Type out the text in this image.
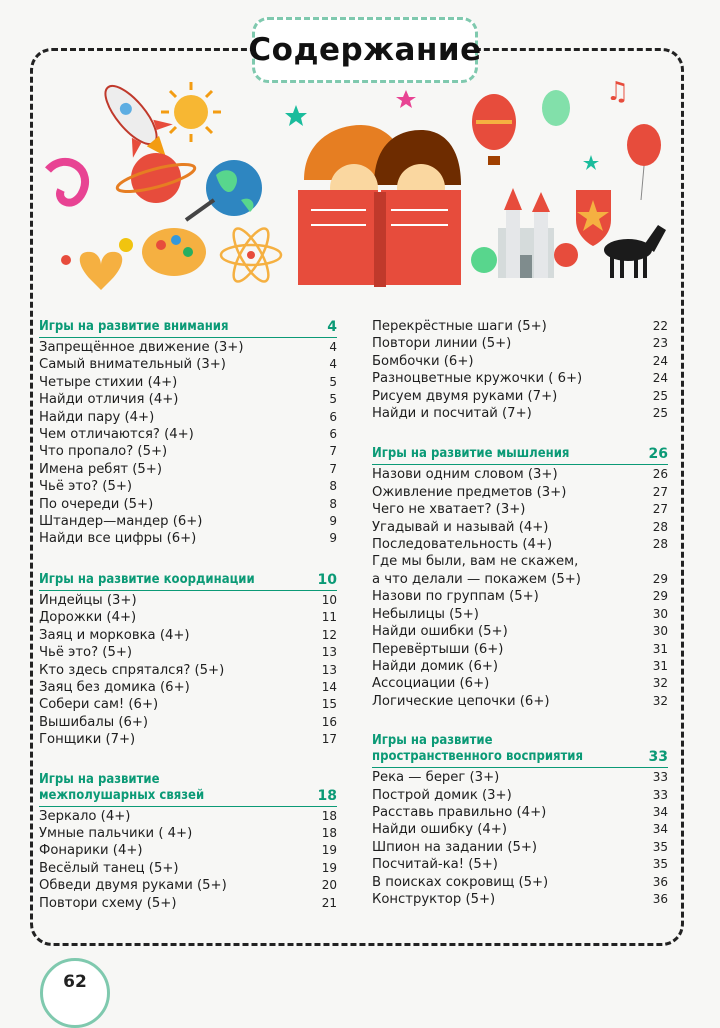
Содержание
♫
Игры на развитие внимания	4
Запрещённое движение (3+)	4
Самый внимательный (3+)	4
Четыре стихии (4+)	5
Найди отличия (4+)	5
Найди пару (4+)	6
Чем отличаются? (4+)	6
Что пропало? (5+)	7
Имена ребят (5+)	7
Чьё это? (5+)	8
По очереди (5+)	8
Штандер—мандер (6+)	9
Найди все цифры (6+)	9
Игры на развитие координации	10
Индейцы (3+)	10
Дорожки (4+)	11
Заяц и морковка (4+)	12
Чьё это? (5+)	13
Кто здесь спрятался? (5+)	13
Заяц без домика (6+)	14
Собери сам! (6+)	15
Вышибалы (6+)	16
Гонщики (7+)	17
Игры на развитие
межполушарных связей	18
Зеркало (4+)	18
Умные пальчики ( 4+)	18
Фонарики (4+)	19
Весёлый танец (5+)	19
Обведи двумя руками (5+)	20
Повтори схему (5+)	21
Перекрёстные шаги (5+)	22
Повтори линии (5+)	23
Бомбочки (6+)	24
Разноцветные кружочки ( 6+)	24
Рисуем двумя руками (7+)	25
Найди и посчитай (7+)	25
Игры на развитие мышления	26
Назови одним словом (3+)	26
Оживление предметов (3+)	27
Чего не хватает? (3+)	27
Угадывай и называй (4+)	28
Последовательность (4+)	28
Где мы были, вам не скажем,
а что делали — покажем (5+)	29
Назови по группам (5+)	29
Небылицы (5+)	30
Найди ошибки (5+)	30
Перевёртыши (6+)	31
Найди домик (6+)	31
Ассоциации (6+)	32
Логические цепочки (6+)	32
Игры на развитие
пространственного восприятия	33
Река — берег (3+)	33
Построй домик (3+)	33
Расставь правильно (4+)	34
Найди ошибку (4+)	34
Шпион на задании (5+)	35
Посчитай-ка! (5+)	35
В поисках сокровищ (5+)	36
Конструктор (5+)	36
62
